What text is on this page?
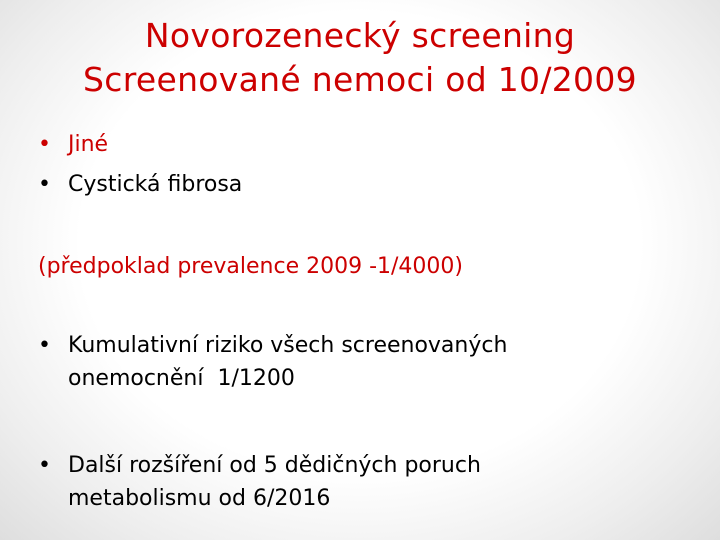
Novorozenecký screening
Screenované nemoci od 10/2009
• Jiné
• Cystická fibrosa
(předpoklad prevalence 2009 -1/4000)
• Kumulativní riziko všech screenovaných
onemocnění  1/1200
• Další rozšíření od 5 dědičných poruch
metabolismu od 6/2016
